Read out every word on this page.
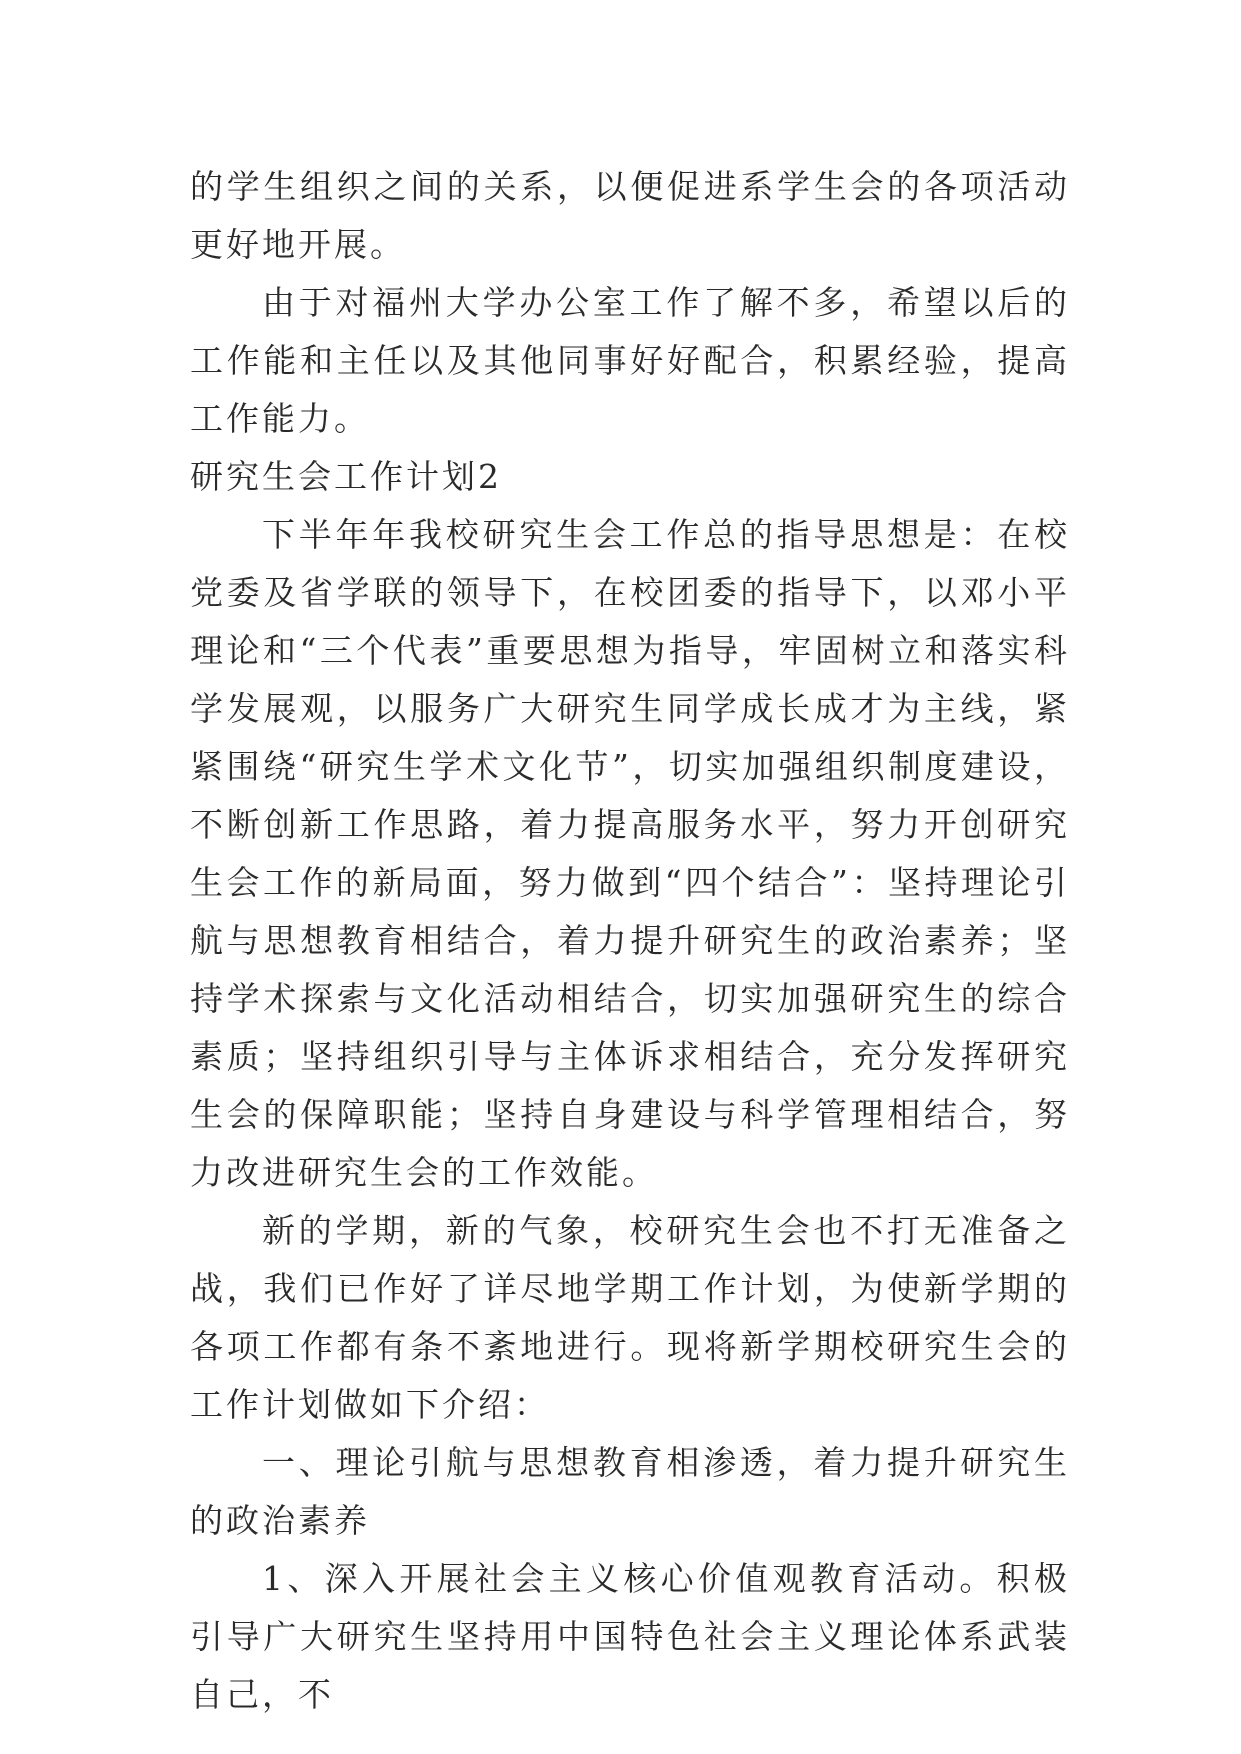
的学生组织之间的关系，以便促进系学生会的各项活动更好地开展。

由于对福州大学办公室工作了解不多，希望以后的工作能和主任以及其他同事好好配合，积累经验，提高工作能力。

研究生会工作计划2

下半年年我校研究生会工作总的指导思想是：在校党委及省学联的领导下，在校团委的指导下，以邓小平理论和“三个代表”重要思想为指导，牢固树立和落实科学发展观，以服务广大研究生同学成长成才为主线，紧紧围绕“研究生学术文化节”，切实加强组织制度建设，不断创新工作思路，着力提高服务水平，努力开创研究生会工作的新局面，努力做到“四个结合”：坚持理论引航与思想教育相结合，着力提升研究生的政治素养；坚持学术探索与文化活动相结合，切实加强研究生的综合素质；坚持组织引导与主体诉求相结合，充分发挥研究生会的保障职能；坚持自身建设与科学管理相结合，努力改进研究生会的工作效能。

新的学期，新的气象，校研究生会也不打无准备之战，我们已作好了详尽地学期工作计划，为使新学期的各项工作都有条不紊地进行。现将新学期校研究生会的工作计划做如下介绍：

一、理论引航与思想教育相渗透，着力提升研究生的政治素养

1、深入开展社会主义核心价值观教育活动。积极引导广大研究生坚持用中国特色社会主义理论体系武装自己，不
